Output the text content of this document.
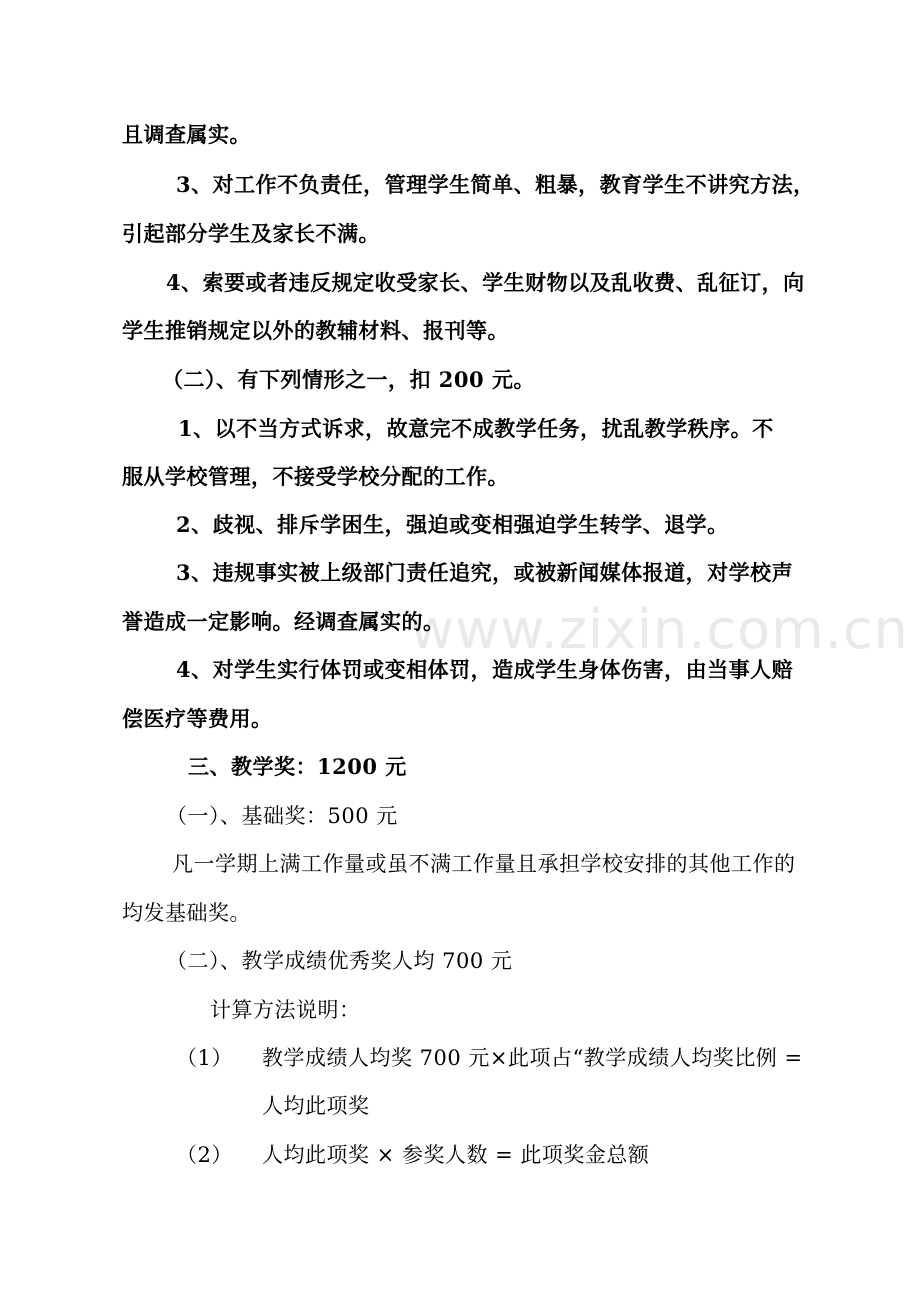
www.zixin.com.cn
且调查属实。
3、对工作不负责任，管理学生简单、粗暴，教育学生不讲究方法，
引起部分学生及家长不满。
4、索要或者违反规定收受家长、学生财物以及乱收费、乱征订，向
学生推销规定以外的教辅材料、报刊等。
（二）、有下列情形之一，扣 200 元。
1、以不当方式诉求，故意完不成教学任务，扰乱教学秩序。不
服从学校管理，不接受学校分配的工作。
2、歧视、排斥学困生，强迫或变相强迫学生转学、退学。
3、违规事实被上级部门责任追究，或被新闻媒体报道，对学校声
誉造成一定影响。经调查属实的。
4、对学生实行体罚或变相体罚，造成学生身体伤害，由当事人赔
偿医疗等费用。
三、教学奖：1200 元
（一）、基础奖：500 元
凡一学期上满工作量或虽不满工作量且承担学校安排的其他工作的
均发基础奖。
（二）、教学成绩优秀奖人均 700 元
计算方法说明：
（1） 教学成绩人均奖 700 元×此项占“教学成绩人均奖比例 =
人均此项奖
（2） 人均此项奖 × 参奖人数 = 此项奖金总额
